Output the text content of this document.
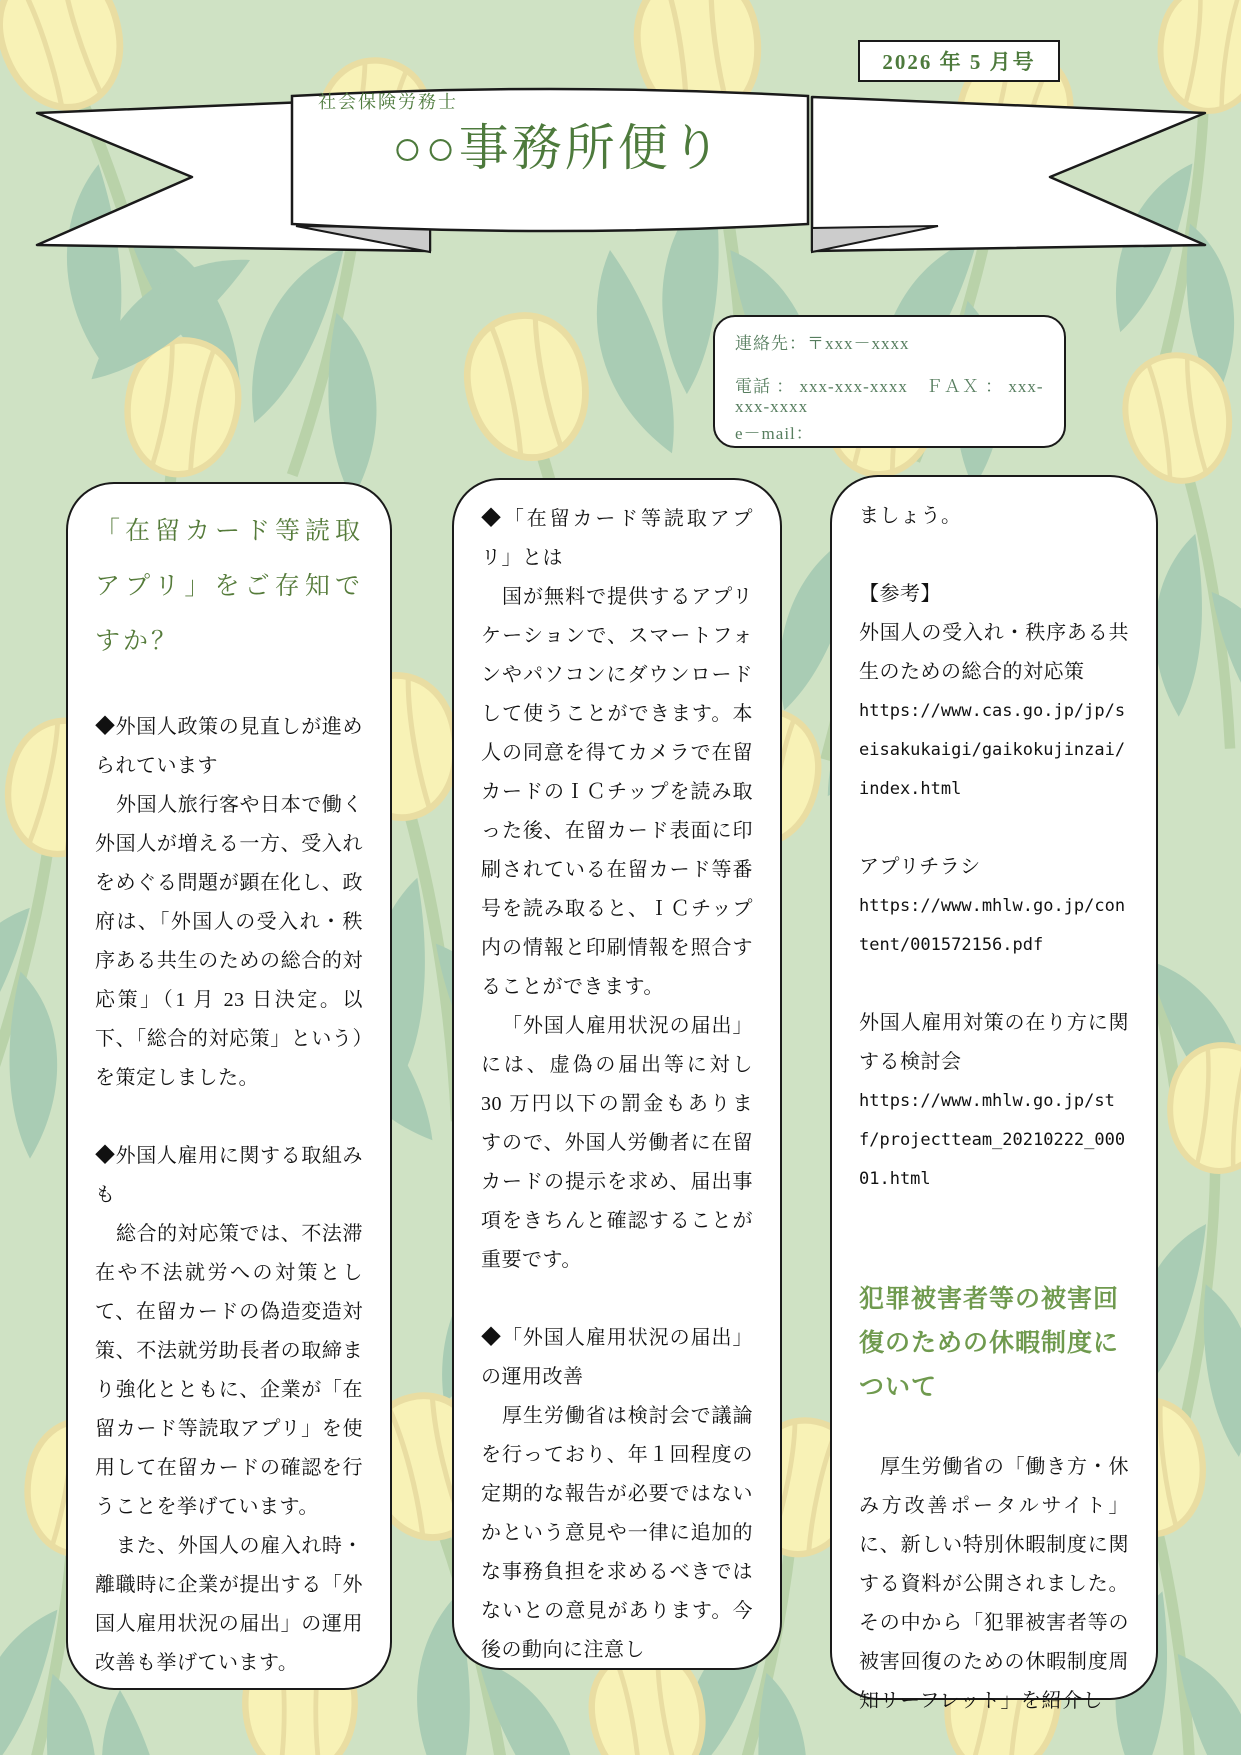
2026 年 5 月号
社会保険労務士
○○事務所便り

連絡先：〒xxx－xxxx

電話 ： xxx-xxx-xxxx　ＦＡＸ ： xxx-xxx-xxxx

e－mail：

「在留カード等読取アプリ」をご存知ですか？

◆外国人政策の見直しが進められています

外国人旅行客や日本で働く外国人が増える一方、受入れをめぐる問題が顕在化し、政府は、「外国人の受入れ・秩序ある共生のための総合的対応策」（1 月 23 日決定。以下、「総合的対応策」という）を策定しました。

◆外国人雇用に関する取組みも

総合的対応策では、不法滞在や不法就労への対策として、在留カードの偽造変造対策、不法就労助長者の取締まり強化とともに、企業が「在留カード等読取アプリ」を使用して在留カードの確認を行うことを挙げています。

また、外国人の雇入れ時・離職時に企業が提出する「外国人雇用状況の届出」の運用改善も挙げています。

◆「在留カード等読取アプリ」とは

国が無料で提供するアプリケーションで、スマートフォンやパソコンにダウンロードして使うことができます。本人の同意を得てカメラで在留カードのＩＣチップを読み取った後、在留カード表面に印刷されている在留カード等番号を読み取ると、ＩＣチップ内の情報と印刷情報を照合することができます。

「外国人雇用状況の届出」には、虚偽の届出等に対し 30 万円以下の罰金もありますので、外国人労働者に在留カードの提示を求め、届出事項をきちんと確認することが重要です。

◆「外国人雇用状況の届出」の運用改善

厚生労働省は検討会で議論を行っており、年１回程度の定期的な報告が必要ではないかという意見や一律に追加的な事務負担を求めるべきではないとの意見があります。今後の動向に注意し

ましょう。

【参考】

外国人の受入れ・秩序ある共生のための総合的対応策

https://www.cas.go.jp/jp/seisakukaigi/gaikokujinzai/index.html

アプリチラシ

https://www.mhlw.go.jp/content/001572156.pdf

外国人雇用対策の在り方に関する検討会

https://www.mhlw.go.jp/stf/projectteam_20210222_00001.html

犯罪被害者等の被害回復のための休暇制度について

厚生労働省の「働き方・休み方改善ポータルサイト」に、新しい特別休暇制度に関する資料が公開されました。その中から「犯罪被害者等の被害回復のための休暇制度周知リーフレット」を紹介し
